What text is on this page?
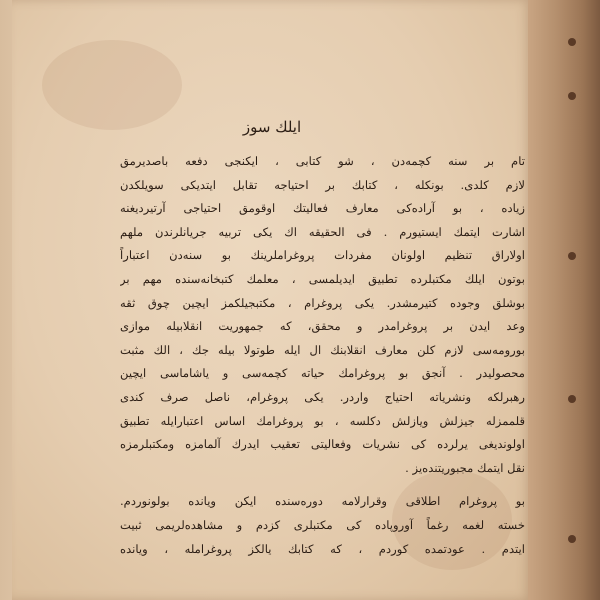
ایلك سوز
تام بر سنه کچمەدن ، شو کتابی ، ایکنجی دفعه باصدیرمق
لازم کلدی. بونکله ، کتابك بر احتیاجه تقابل ایتدیکی سویلکدن
زیاده ، بو آرادەکی معارف فعالیتك اوقومق احتیاجی آرتیردیغنه
اشارت ایتمك ایستیورم . فی الحقیقه اك یکی تربیه جریانلرندن ملهم
اولاراق تنظیم اولونان مفردات پروغراملرینك بو سنەدن اعتباراً
بوتون ایلك مکتبلرده تطبیق ایدیلمسی ، معلمك کتبخانەسندە مهم بر
بوشلق وجوده کتیرمشدر. یکی پروغرام ، مکتبجیلکمز ایچین چوق ثقه
وعد ایدن بر پروغرامدر و محقق، که جمهوریت انقلابیله موازی
بورومەسی لازم کلن معارف انقلابنك ال ایله طوتولا بیله جك ، الك مثبت
محصولیدر . آنجق بو پروغرامك حیاته کچمەسی و یاشاماسی ایچین
رهبرلکه ونشریاته احتیاج واردر. یکی پروغرام، ناصل صرف کندی
قلممزله جیزلش ویازلش دکلسه ، بو پروغرامك اساس اعتبارایله تطبیق
اولوندیغی یرلرده کی نشریات وفعالیتی تعقیب ایدرك آلمامزه ومکتبلرمزه
نقل ایتمك مجبوریتندەیز .
بو پروغرام اطلاقی وقرارلامه دورەسنده ایکن ویاندە بولونوردم.
خسته لغمه رغماً آوروپاده کی مکتبلری کزدم و مشاهدەلریمی ثبیت
ایتدم . عودتمده کوردم ، که کتابك یالکز پروغراملە ، ویاندە
